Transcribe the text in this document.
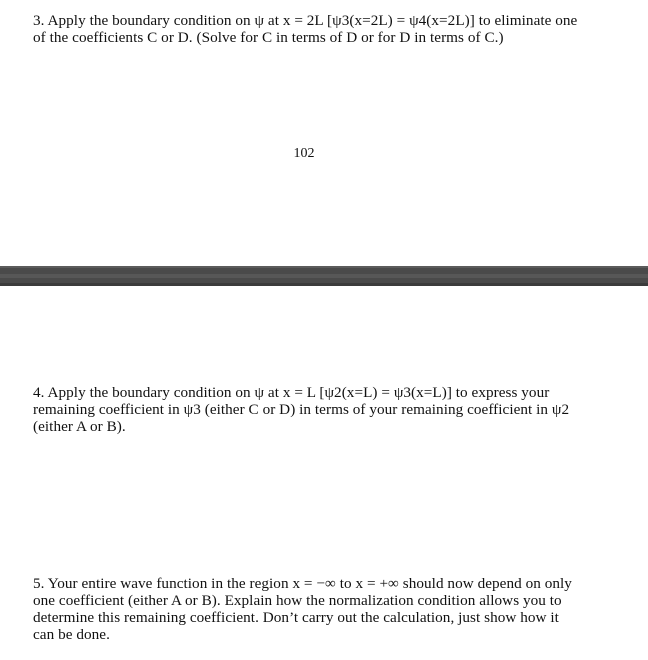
3. Apply the boundary condition on ψ at x = 2L [ψ3(x=2L) = ψ4(x=2L)] to eliminate one
of the coefficients C or D. (Solve for C in terms of D or for D in terms of C.)
102
4. Apply the boundary condition on ψ at x = L [ψ2(x=L) = ψ3(x=L)] to express your
remaining coefficient in ψ3 (either C or D) in terms of your remaining coefficient in ψ2
(either A or B).
5. Your entire wave function in the region x = −∞ to x = +∞ should now depend on only
one coefficient (either A or B). Explain how the normalization condition allows you to
determine this remaining coefficient. Don’t carry out the calculation, just show how it
can be done.
